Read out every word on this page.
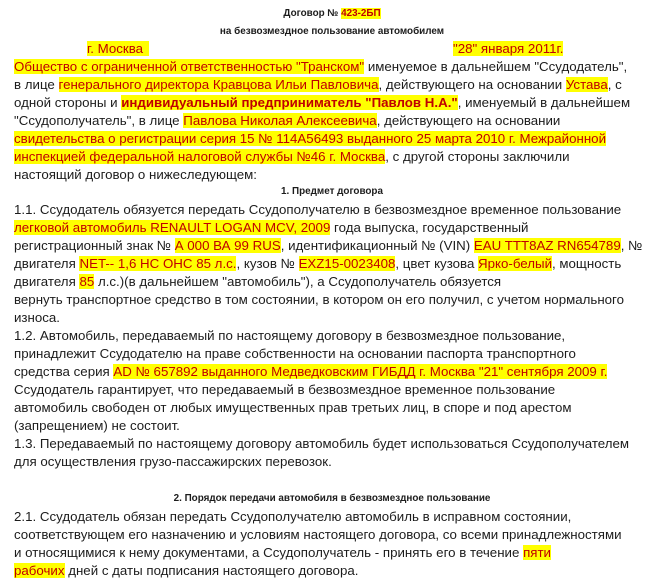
Договор № 423-2БП
на безвозмездное пользование автомобилем
г. Москва	"28" января 2011г.
Общество с ограниченной ответственностью "Транском" именуемое в дальнейшем "Ссудодатель",
в лице генерального директора Кравцова Ильи Павловича, действующего на основании Устава, с
одной стороны и индивидуальный предприниматель "Павлов Н.А.", именуемый в дальнейшем
"Ссудополучатель", в лице Павлова Николая Алексеевича, действующего на основании
свидетельства о регистрации серия 15 № 114А56493 выданного 25 марта 2010 г. Межрайонной
инспекцией федеральной налоговой службы №46 г. Москва, с другой стороны заключили
настоящий договор о нижеследующем:
1. Предмет договора
1.1. Ссудодатель обязуется передать Ссудополучателю в безвозмездное временное пользование
легковой автомобиль RENAULT LOGAN MCV, 2009 года выпуска, государственный
регистрационный знак № А 000 ВА 99 RUS, идентификационный № (VIN) EAU TTT8AZ RN654789, №
двигателя NET-- 1,6 НС ОНС 85 л.с., кузов № EXZ15-0023408, цвет кузова Ярко-белый, мощность
двигателя 85 л.с.)(в дальнейшем "автомобиль"), а Ссудополучатель обязуется
вернуть транспортное средство в том состоянии, в котором он его получил, с учетом нормального
износа.
1.2. Автомобиль, передаваемый по настоящему договору в безвозмездное пользование,
принадлежит Ссудодателю на праве собственности на основании паспорта транспортного
средства серия AD № 657892 выданного Медведковским ГИБДД г. Москва "21" сентября 2009 г.
Ссудодатель гарантирует, что передаваемый в безвозмездное временное пользование
автомобиль свободен от любых имущественных прав третьих лиц, в споре и под арестом
(запрещением) не состоит.
1.3. Передаваемый по настоящему договору автомобиль будет использоваться Ссудополучателем
для осуществления грузо-пассажирских перевозок.
2. Порядок передачи автомобиля в безвозмездное пользование
2.1. Ссудодатель обязан передать Ссудополучателю автомобиль в исправном состоянии,
соответствующем его назначению и условиям настоящего договора, со всеми принадлежностями
и относящимися к нему документами, а Ссудополучатель - принять его в течение пяти
рабочих дней с даты подписания настоящего договора.
